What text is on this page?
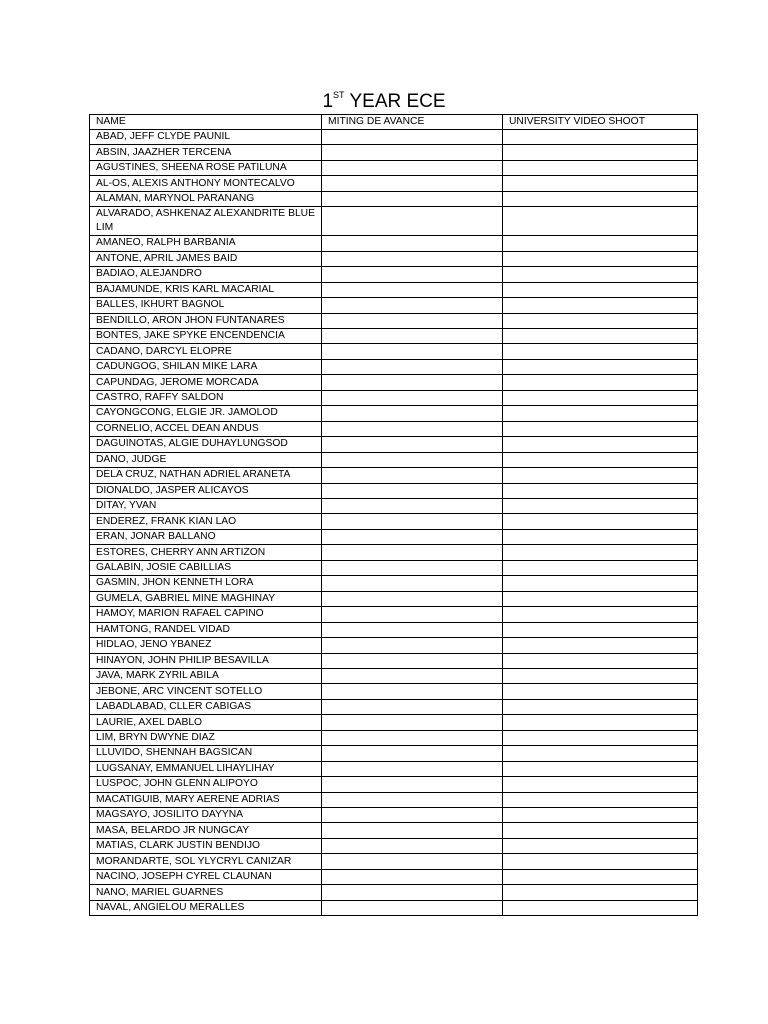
1ST YEAR ECE
NAME	MITING DE AVANCE	UNIVERSITY VIDEO SHOOT
ABAD, JEFF CLYDE PAUNIL		
ABSIN, JAAZHER TERCENA		
AGUSTINES, SHEENA ROSE PATILUNA		
AL-OS, ALEXIS ANTHONY MONTECALVO		
ALAMAN, MARYNOL PARANANG		
ALVARADO, ASHKENAZ ALEXANDRITE BLUE LIM		
AMANEO, RALPH BARBANIA		
ANTONE, APRIL JAMES BAID		
BADIAO, ALEJANDRO		
BAJAMUNDE, KRIS KARL MACARIAL		
BALLES, IKHURT BAGNOL		
BENDILLO, ARON JHON FUNTANARES		
BONTES, JAKE SPYKE ENCENDENCIA		
CADANO, DARCYL ELOPRE		
CADUNGOG, SHILAN MIKE LARA		
CAPUNDAG, JEROME MORCADA		
CASTRO, RAFFY SALDON		
CAYONGCONG, ELGIE JR. JAMOLOD		
CORNELIO, ACCEL DEAN ANDUS		
DAGUINOTAS, ALGIE DUHAYLUNGSOD		
DANO, JUDGE		
DELA CRUZ, NATHAN ADRIEL ARANETA		
DIONALDO, JASPER ALICAYOS		
DITAY, YVAN		
ENDEREZ, FRANK KIAN LAO		
ERAN, JONAR BALLANO		
ESTORES, CHERRY ANN ARTIZON		
GALABIN, JOSIE CABILLIAS		
GASMIN, JHON KENNETH LORA		
GUMELA, GABRIEL MINE MAGHINAY		
HAMOY, MARION RAFAEL CAPINO		
HAMTONG, RANDEL VIDAD		
HIDLAO, JENO YBANEZ		
HINAYON, JOHN PHILIP BESAVILLA		
JAVA, MARK ZYRIL ABILA		
JEBONE, ARC VINCENT SOTELLO		
LABADLABAD, CLLER CABIGAS		
LAURIE, AXEL DABLO		
LIM, BRYN DWYNE DIAZ		
LLUVIDO, SHENNAH BAGSICAN		
LUGSANAY, EMMANUEL LIHAYLIHAY		
LUSPOC, JOHN GLENN ALIPOYO		
MACATIGUIB, MARY AERENE ADRIAS		
MAGSAYO, JOSILITO DAYYNA		
MASA, BELARDO JR NUNGCAY		
MATIAS, CLARK JUSTIN BENDIJO		
MORANDARTE, SOL YLYCRYL CANIZAR		
NACINO, JOSEPH CYREL CLAUNAN		
NANO, MARIEL GUARNES		
NAVAL, ANGIELOU MERALLES		
